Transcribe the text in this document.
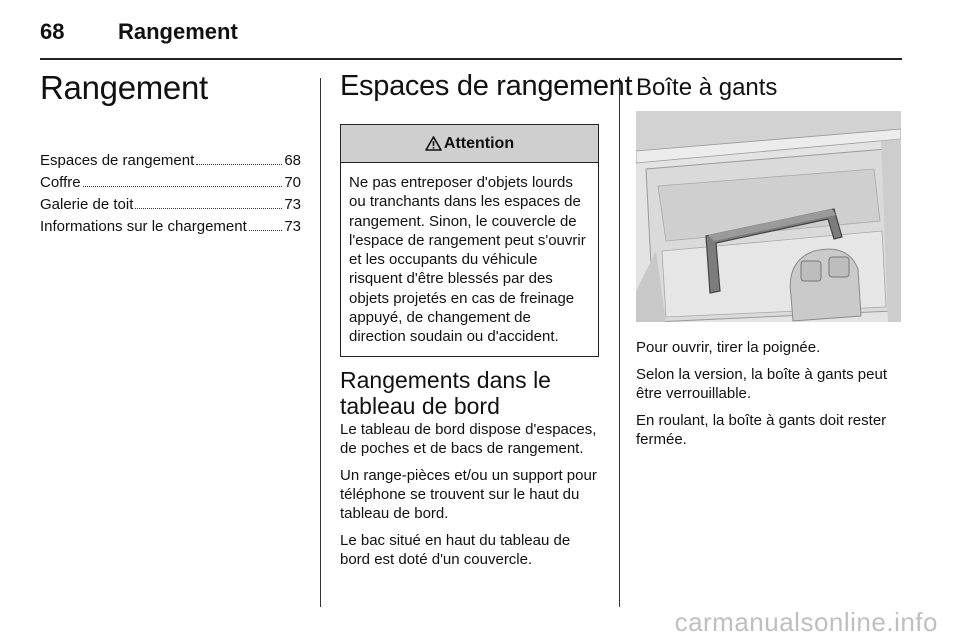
68 Rangement
Rangement
Espaces de rangement	68
Coffre	70
Galerie de toit	73
Informations sur le chargement	73
Espaces de rangement
Attention
Ne pas entreposer d'objets lourds ou tranchants dans les espaces de rangement. Sinon, le couvercle de l'espace de rangement peut s'ouvrir et les occupants du véhicule risquent d'être blessés par des objets projetés en cas de freinage appuyé, de changement de direction soudain ou d'accident.
Rangements dans le tableau de bord

Le tableau de bord dispose d'espaces, de poches et de bacs de rangement.

Un range-pièces et/ou un support pour téléphone se trouvent sur le haut du tableau de bord.

Le bac situé en haut du tableau de bord est doté d'un couvercle.

Boîte à gants

Pour ouvrir, tirer la poignée.

Selon la version, la boîte à gants peut être verrouillable.

En roulant, la boîte à gants doit rester fermée.

carmanualsonline.info
